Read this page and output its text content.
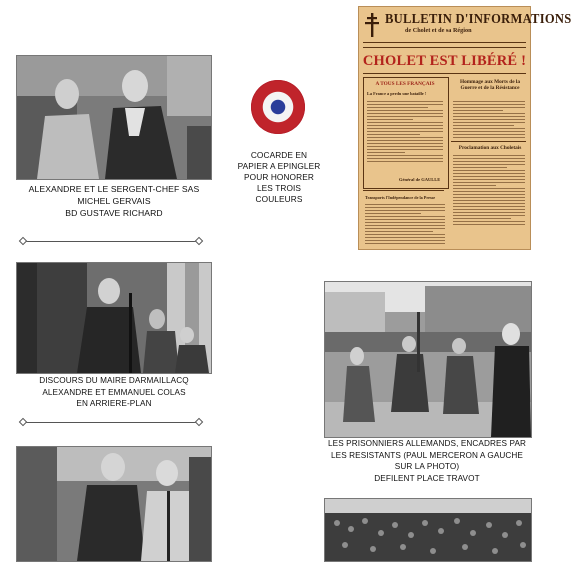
ALEXANDRE ET LE SERGENT-CHEF SAS
MICHEL GERVAIS
BD GUSTAVE RICHARD
COCARDE EN
PAPIER A EPINGLER
POUR HONORER
LES TROIS
COULEURS
BULLETIN D'INFORMATIONS
de Cholet et de sa Région
CHOLET EST LIBÉRÉ !
A TOUS LES FRANÇAIS
La France a perdu une bataille !
Général de GAULLE
Hommage aux Morts de la Guerre et de la Résistance
Proclamation aux Choletais
Transports l'Indépendance de la Presse
DISCOURS DU MAIRE DARMAILLACQ
ALEXANDRE ET EMMANUEL COLAS
EN ARRIERE-PLAN
LES PRISONNIERS ALLEMANDS, ENCADRES PAR
LES RESISTANTS (PAUL MERCERON A GAUCHE
SUR LA PHOTO)
DEFILENT PLACE TRAVOT
